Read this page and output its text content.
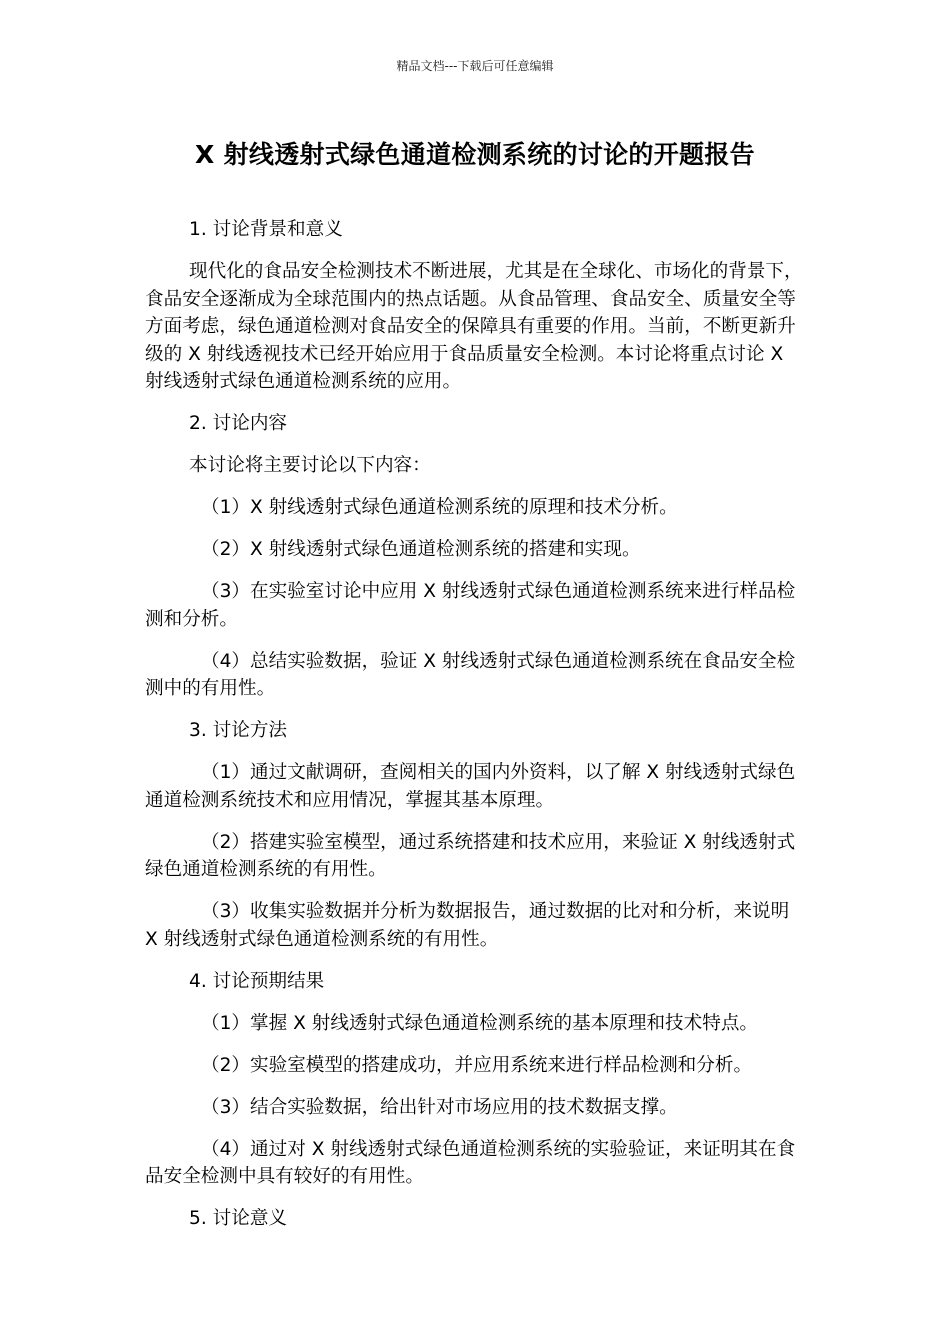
精品文档---下载后可任意编辑
X 射线透射式绿色通道检测系统的讨论的开题报告
1. 讨论背景和意义
现代化的食品安全检测技术不断进展，尤其是在全球化、市场化的背景下，食品安全逐渐成为全球范围内的热点话题。从食品管理、食品安全、质量安全等方面考虑，绿色通道检测对食品安全的保障具有重要的作用。当前，不断更新升级的 X 射线透视技术已经开始应用于食品质量安全检测。本讨论将重点讨论 X 射线透射式绿色通道检测系统的应用。
2. 讨论内容
本讨论将主要讨论以下内容：
（1）X 射线透射式绿色通道检测系统的原理和技术分析。
（2）X 射线透射式绿色通道检测系统的搭建和实现。
（3）在实验室讨论中应用 X 射线透射式绿色通道检测系统来进行样品检测和分析。
（4）总结实验数据，验证 X 射线透射式绿色通道检测系统在食品安全检测中的有用性。
3. 讨论方法
（1）通过文献调研，查阅相关的国内外资料，以了解 X 射线透射式绿色通道检测系统技术和应用情况，掌握其基本原理。
（2）搭建实验室模型，通过系统搭建和技术应用，来验证 X 射线透射式绿色通道检测系统的有用性。
（3）收集实验数据并分析为数据报告，通过数据的比对和分析，来说明 X 射线透射式绿色通道检测系统的有用性。
4. 讨论预期结果
（1）掌握 X 射线透射式绿色通道检测系统的基本原理和技术特点。
（2）实验室模型的搭建成功，并应用系统来进行样品检测和分析。
（3）结合实验数据，给出针对市场应用的技术数据支撑。
（4）通过对 X 射线透射式绿色通道检测系统的实验验证，来证明其在食品安全检测中具有较好的有用性。
5. 讨论意义
